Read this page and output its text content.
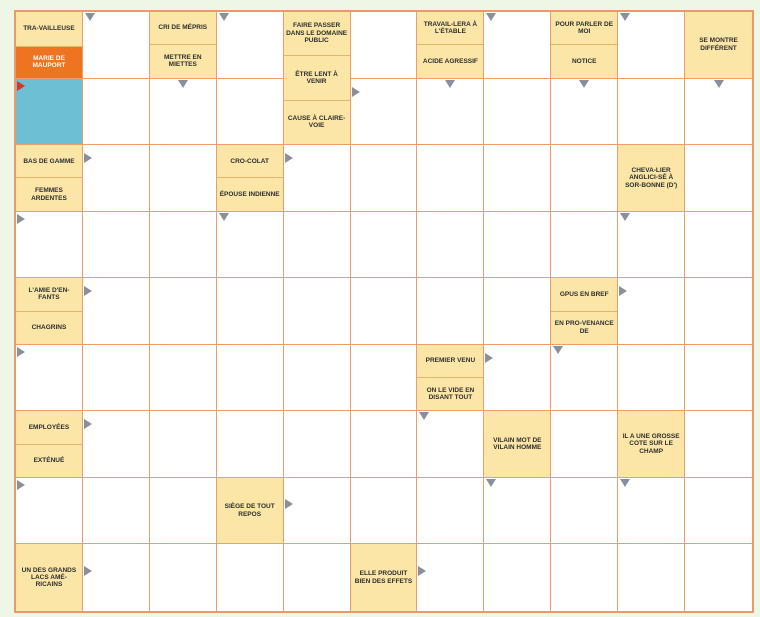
TRA-VAILLEUSE
MARIE DE MAUPORT
CRI DE MÉPRIS
METTRE EN MIETTES
FAIRE PASSER DANS LE DOMAINE PUBLIC
ÊTRE LENT À VENIR
CAUSE À CLAIRE-VOIE
TRAVAIL-LERA À L'ÉTABLE
ACIDE AGRESSIF
POUR PARLER DE MOI
NOTICE
SE MONTRE DIFFÉRENT
BAS DE GAMME
FEMMES ARDENTES
CRO-COLAT
ÉPOUSE INDIENNE
CHEVA-LIER ANGLICI-SÉ À SOR-BONNE (D')
L'AMIE D'EN-FANTS
CHAGRINS
GPUS EN BREF
EN PRO-VENANCE DE
PREMIER VENU
ON LE VIDE EN DISANT TOUT
EMPLOYÉES
EXTÉNUÉ
VILAIN MOT DE VILAIN HOMME
IL A UNE GROSSE COTE SUR LE CHAMP
SIÈGE DE TOUT REPOS
UN DES GRANDS LACS AMÉ-RICAINS
ELLE PRODUIT BIEN DES EFFETS
